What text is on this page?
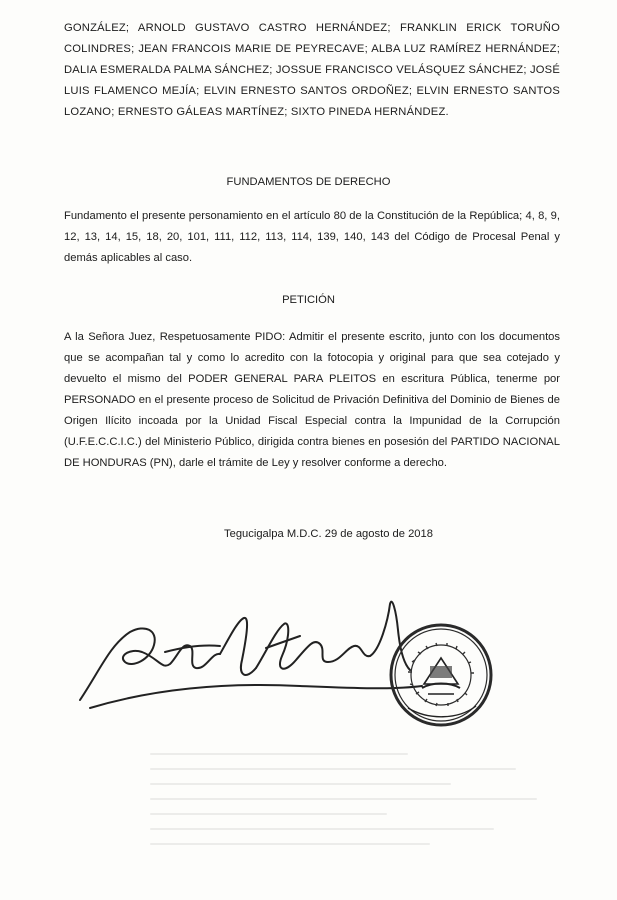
GONZÁLEZ; ARNOLD GUSTAVO CASTRO HERNÁNDEZ; FRANKLIN ERICK TORUÑO COLINDRES; JEAN FRANCOIS MARIE DE PEYRECAVE; ALBA LUZ RAMÍREZ HERNÁNDEZ; DALIA ESMERALDA PALMA SÁNCHEZ; JOSSUE FRANCISCO VELÁSQUEZ SÁNCHEZ; JOSÉ LUIS FLAMENCO MEJÍA; ELVIN ERNESTO SANTOS ORDOÑEZ; ELVIN ERNESTO SANTOS LOZANO; ERNESTO GÁLEAS MARTÍNEZ; SIXTO PINEDA HERNÁNDEZ.

FUNDAMENTOS DE DERECHO

Fundamento el presente personamiento en el artículo 80 de la Constitución de la República; 4, 8, 9, 12, 13, 14, 15, 18, 20, 101, 111, 112, 113, 114, 139, 140, 143 del Código de Procesal Penal y demás aplicables al caso.

PETICIÓN

A la Señora Juez, Respetuosamente PIDO: Admitir el presente escrito, junto con los documentos que se acompañan tal y como lo acredito con la fotocopia y original para que sea cotejado y devuelto el mismo del PODER GENERAL PARA PLEITOS en escritura Pública, tenerme por PERSONADO en el presente proceso de Solicitud de Privación Definitiva del Dominio de Bienes de Origen Ilícito incoada por la Unidad Fiscal Especial contra la Impunidad de la Corrupción (U.F.E.C.C.I.C.) del Ministerio Público, dirigida contra bienes en posesión del PARTIDO NACIONAL DE HONDURAS (PN), darle el trámite de Ley y resolver conforme a derecho.

Tegucigalpa M.D.C. 29 de agosto de 2018
